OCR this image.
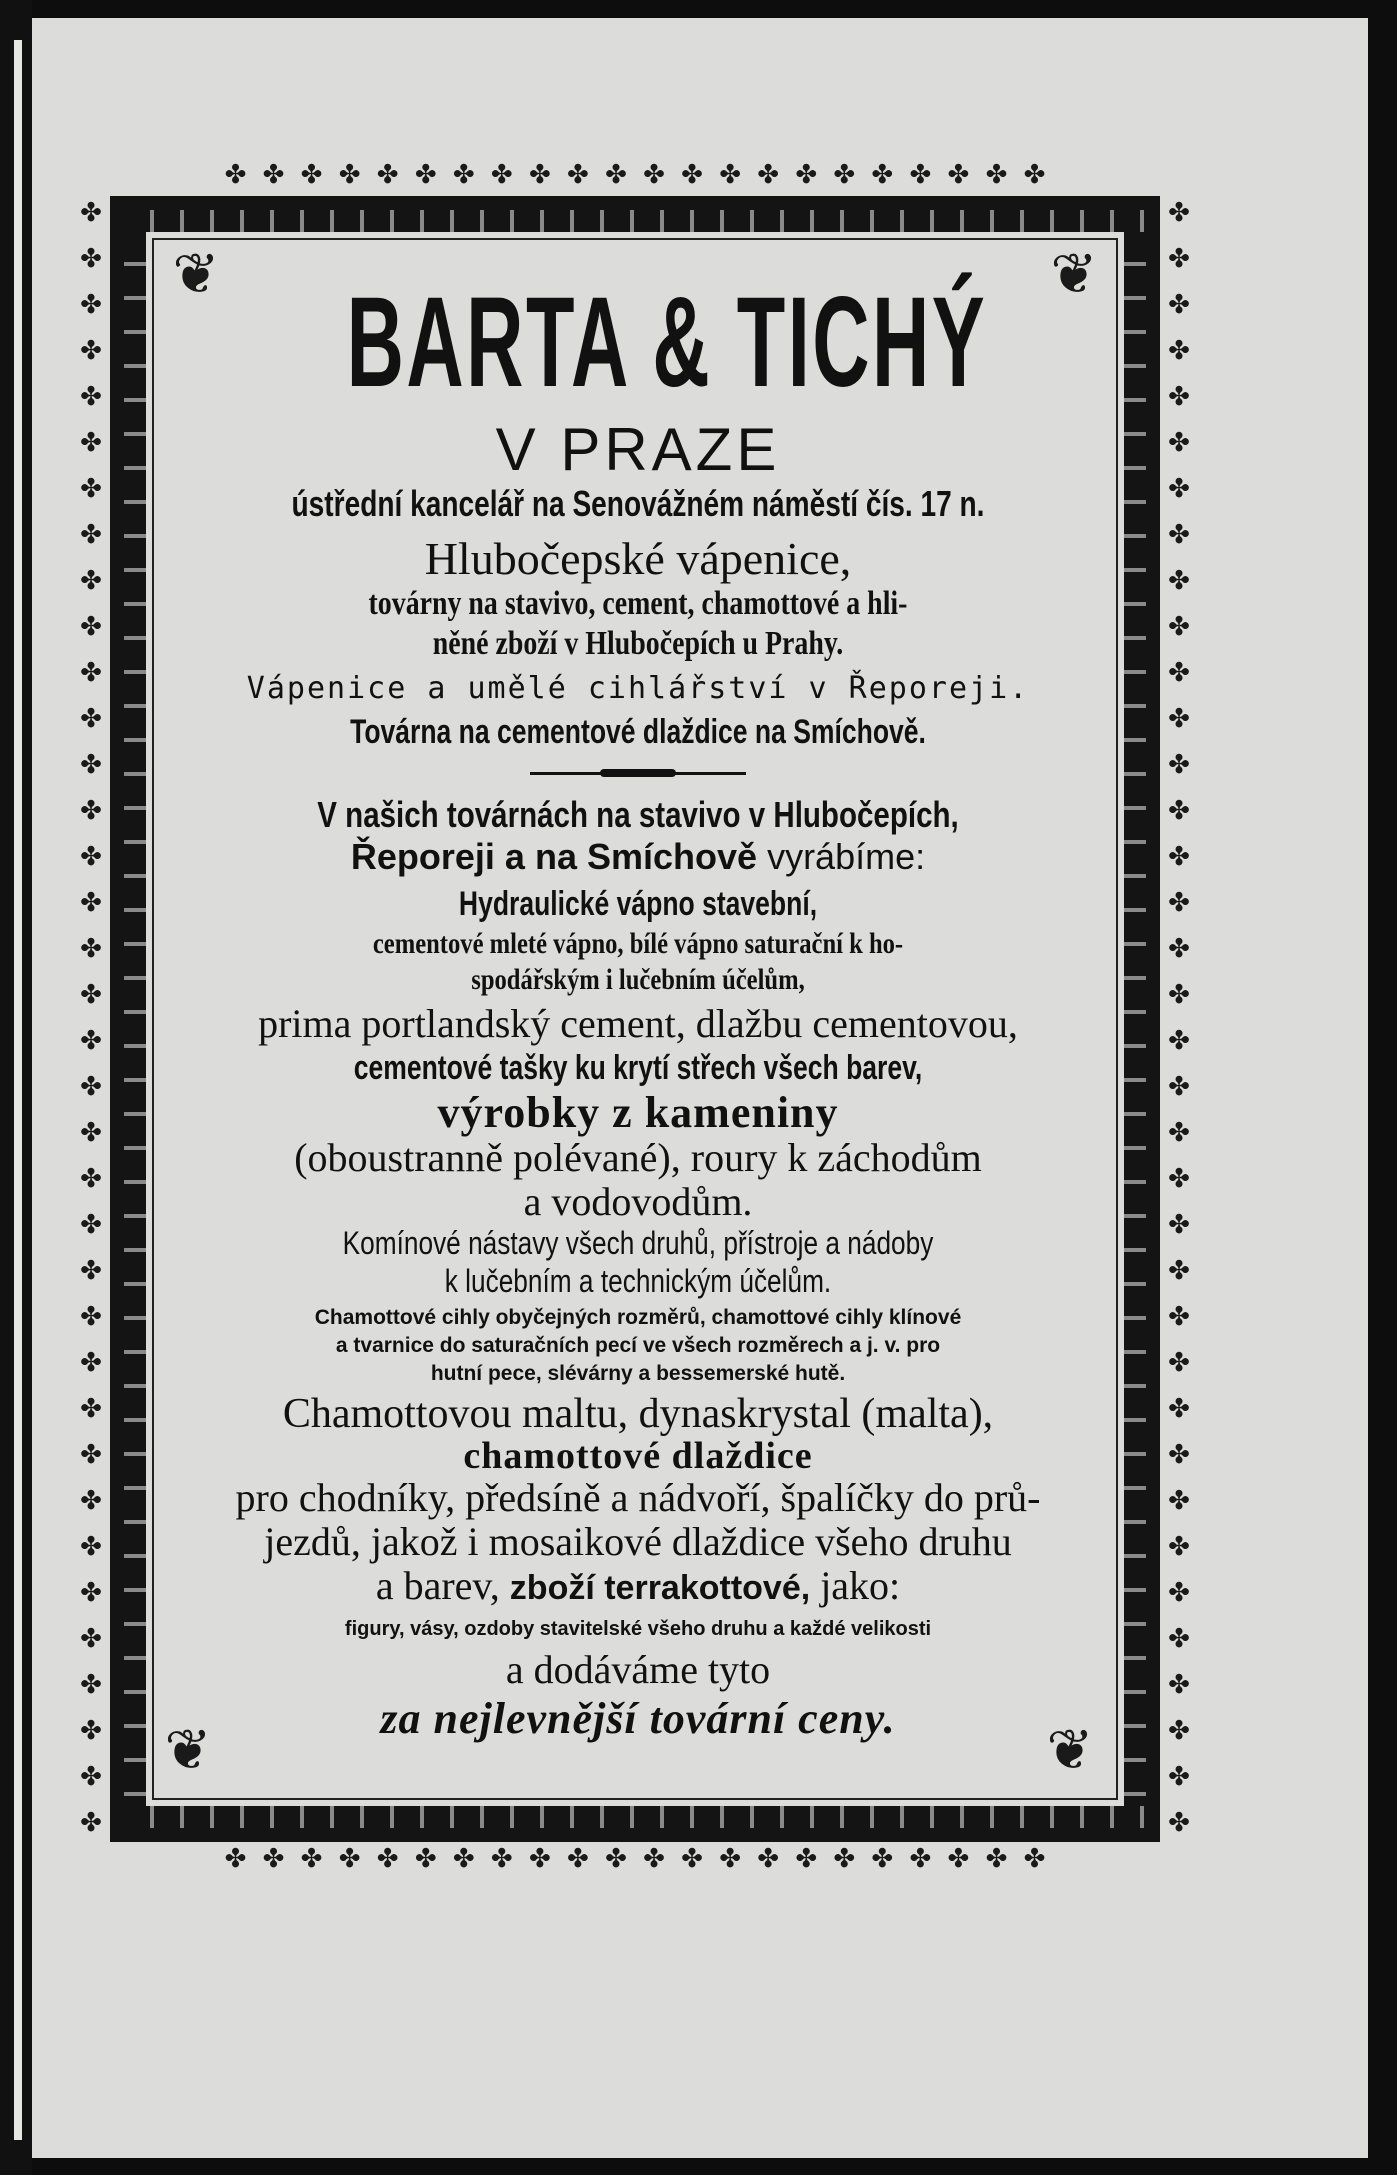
✤ ✤ ✤ ✤ ✤ ✤ ✤ ✤ ✤ ✤ ✤ ✤ ✤ ✤ ✤ ✤ ✤ ✤ ✤ ✤ ✤ ✤
✤ ✤ ✤ ✤ ✤ ✤ ✤ ✤ ✤ ✤ ✤ ✤ ✤ ✤ ✤ ✤ ✤ ✤ ✤ ✤ ✤ ✤
✤✤✤✤✤✤✤✤✤✤✤✤✤✤✤✤✤✤✤✤✤✤✤✤✤✤✤✤✤✤✤✤✤✤✤✤
✤✤✤✤✤✤✤✤✤✤✤✤✤✤✤✤✤✤✤✤✤✤✤✤✤✤✤✤✤✤✤✤✤✤✤✤
❦	❦
❦	❦
BARTA & TICHÝ
V PRAZE
ústřední kancelář na Senovážném náměstí čís. 17 n.
Hlubočepské vápenice,
továrny na stavivo, cement, chamottové a hli-
něné zboží v Hlubočepích u Prahy.
Vápenice a umělé cihlářství v Řeporeji.
Továrna na cementové dlaždice na Smíchově.
V našich továrnách na stavivo v Hlubočepích,
Řeporeji a na Smíchově vyrábíme:
Hydraulické vápno stavební,
cementové mleté vápno, bílé vápno saturační k ho-
spodářským i lučebním účelům,
prima portlandský cement, dlažbu cementovou,
cementové tašky ku krytí střech všech barev,
výrobky z kameniny
(oboustranně polévané), roury k záchodům
a vodovodům.
Komínové nástavy všech druhů, přístroje a nádoby
k lučebním a technickým účelům.
Chamottové cihly obyčejných rozměrů, chamottové cihly klínové
a tvarnice do saturačních pecí ve všech rozměrech a j. v. pro
hutní pece, slévárny a bessemerské hutě.
Chamottovou maltu, dynaskrystal (malta),
chamottové dlaždice
pro chodníky, předsíně a nádvoří, špalíčky do prů-
jezdů, jakož i mosaikové dlaždice všeho druhu
a barev, zboží terrakottové, jako:
figury, vásy, ozdoby stavitelské všeho druhu a každé velikosti
a dodáváme tyto
za nejlevnější tovární ceny.
